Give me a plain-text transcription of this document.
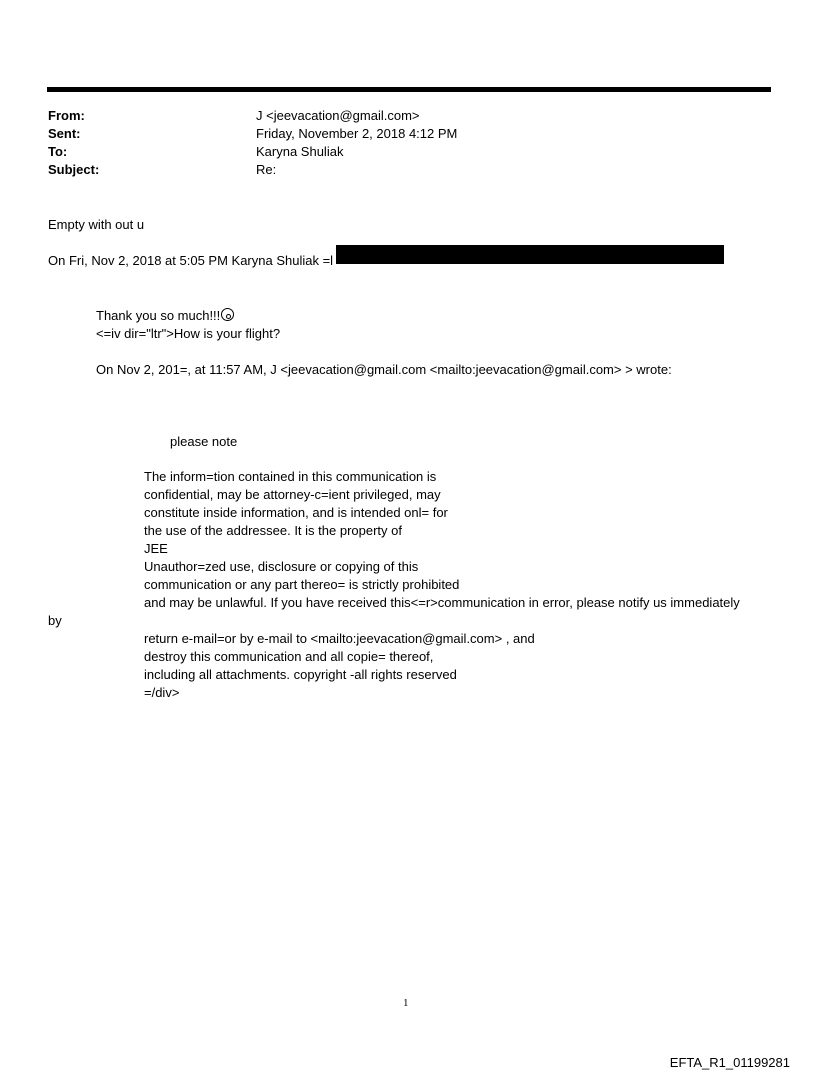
From:	J <jeevacation@gmail.com>
Sent:	Friday, November 2, 2018 4:12 PM
To:	Karyna Shuliak
Subject:	Re:
Empty with out u
On Fri, Nov 2, 2018 at 5:05 PM Karyna Shuliak =l
Thank you so much!!!
<=iv dir="ltr">How is your flight?
On Nov 2, 201=, at 11:57 AM, J <jeevacation@gmail.com <mailto:jeevacation@gmail.com> > wrote:
please note
The inform=tion contained in this communication is
confidential, may be attorney-c=ient privileged, may
constitute inside information, and is intended onl= for
the use of the addressee. It is the property of
JEE
Unauthor=zed use, disclosure or copying of this
communication or any part thereo= is strictly prohibited
and may be unlawful. If you have received this<=r>communication in error, please notify us immediately
by
return e-mail=or by e-mail to <mailto:jeevacation@gmail.com> , and
destroy this communication and all copie= thereof,
including all attachments. copyright -all rights reserved
=/div>
1
EFTA_R1_01199281
